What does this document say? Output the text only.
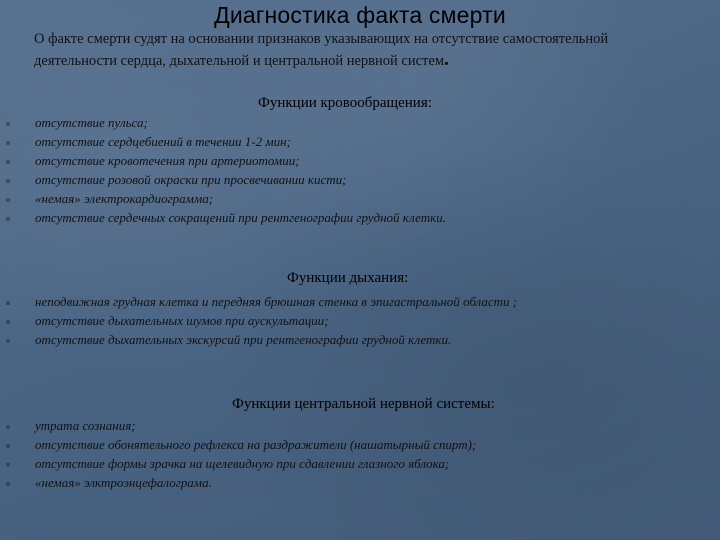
Диагностика факта смерти
О факте смерти судят на основании признаков указывающих на отсутствие самостоятельной деятельности сердца, дыхательной и центральной нервной систем.
Функции кровообращения:
отсутствие пульса;
отсутствие сердцебиений в течении 1-2 мин;
отсутствие кровотечения при артериотомии;
отсутствие розовой окраски при просвечивании кисти;
«немая» электрокардиограмма;
отсутствие сердечных сокращений при рентгенографии грудной клетки.
Функции дыхания:
неподвижная грудная клетка и передняя брюшная стенка в эпигастральной области ;
отсутствие дыхательных шумов при аускультации;
отсутствие дыхательных экскурсий при рентгенографии грудной клетки.
Функции центральной нервной системы:
утрата сознания;
отсутствие обонятельного рефлекса на раздражители (нашатырный спирт);
отсутствие формы зрачка на щелевидную при сдавлении глазного яблока;
«немая» элктроэнцефалограма.
